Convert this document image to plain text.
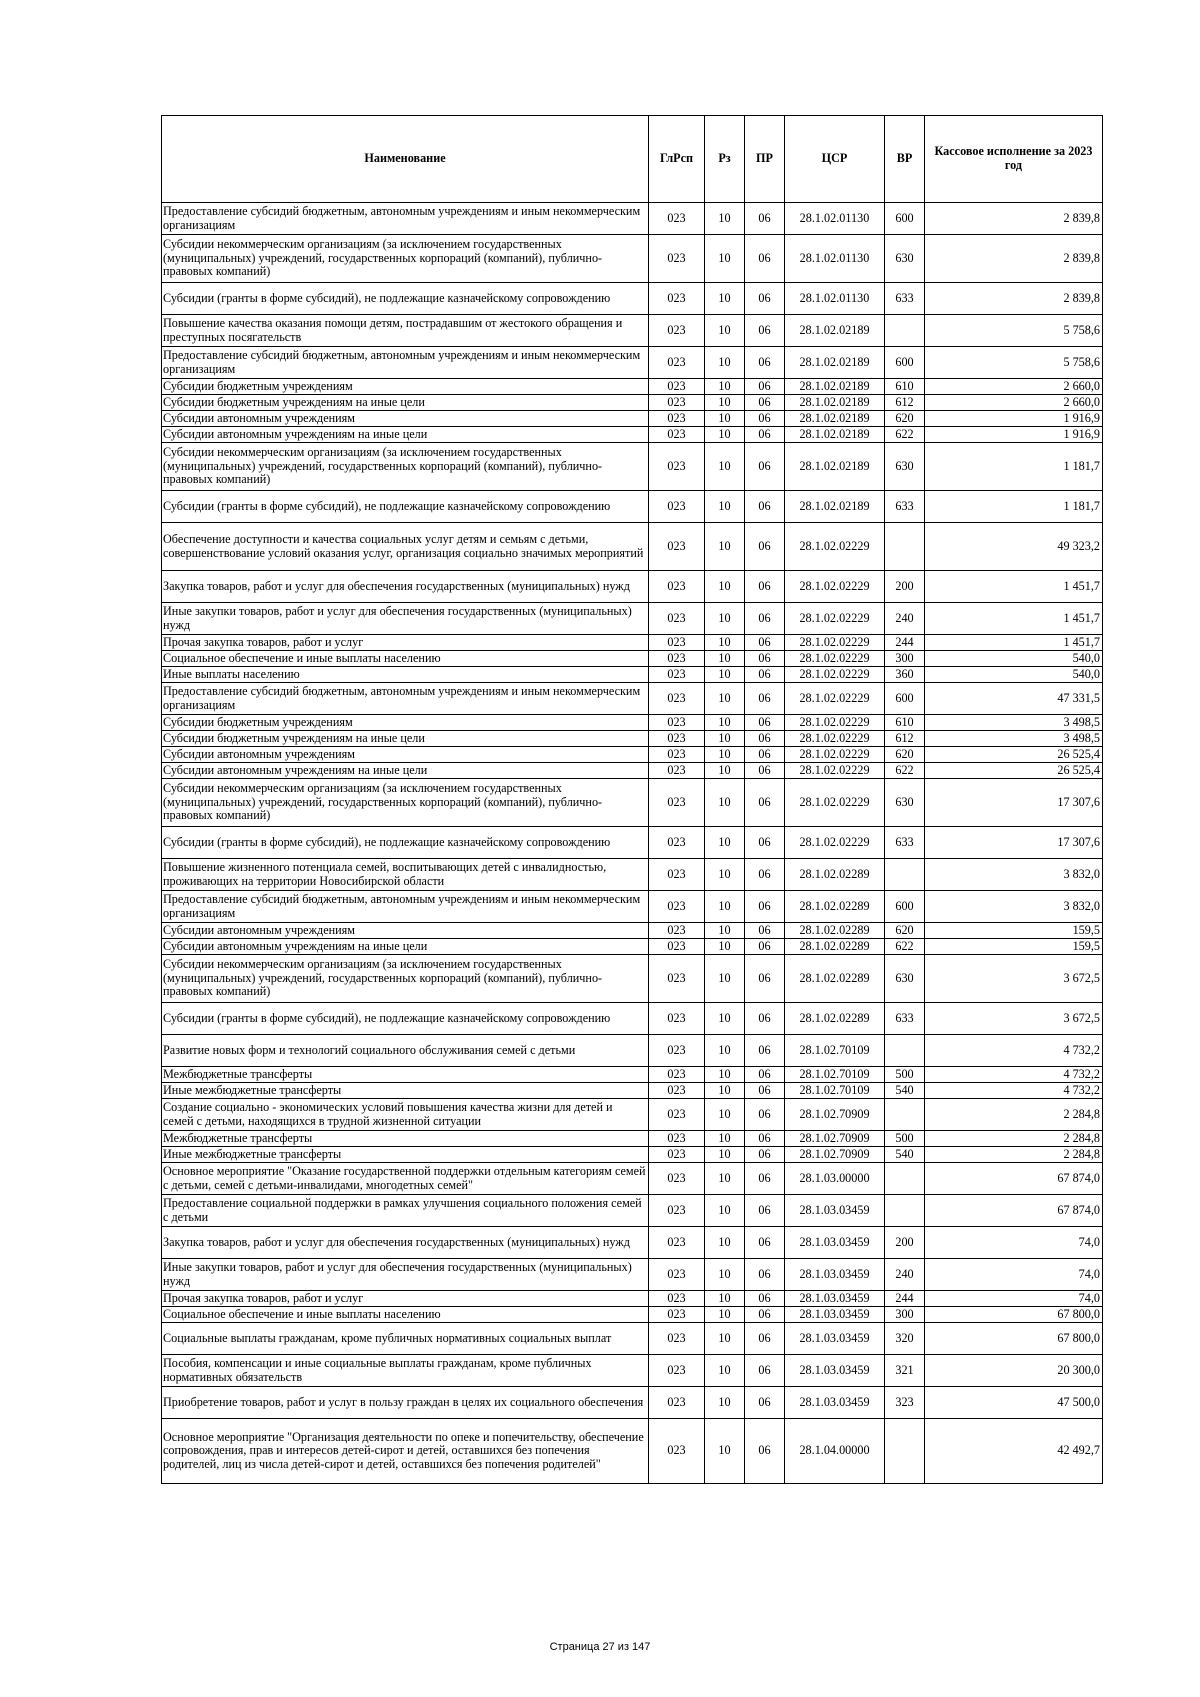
Наименование	ГлРсп	Рз	ПР	ЦСР	ВР	Кассовое исполнение за 2023 год
Предоставление субсидий бюджетным, автономным учреждениям и иным некоммерческим организациям	023	10	06	28.1.02.01130	600	2 839,8
Субсидии некоммерческим организациям (за исключением государственных (муниципальных) учреждений, государственных корпораций (компаний), публично-правовых компаний)	023	10	06	28.1.02.01130	630	2 839,8
Субсидии (гранты в форме субсидий), не подлежащие казначейскому сопровождению	023	10	06	28.1.02.01130	633	2 839,8
Повышение качества оказания помощи детям, пострадавшим от жестокого обращения и преступных посягательств	023	10	06	28.1.02.02189		5 758,6
Предоставление субсидий бюджетным, автономным учреждениям и иным некоммерческим организациям	023	10	06	28.1.02.02189	600	5 758,6
Субсидии бюджетным учреждениям	023	10	06	28.1.02.02189	610	2 660,0
Субсидии бюджетным учреждениям на иные цели	023	10	06	28.1.02.02189	612	2 660,0
Субсидии автономным учреждениям	023	10	06	28.1.02.02189	620	1 916,9
Субсидии автономным учреждениям на иные цели	023	10	06	28.1.02.02189	622	1 916,9
Субсидии некоммерческим организациям (за исключением государственных (муниципальных) учреждений, государственных корпораций (компаний), публично-правовых компаний)	023	10	06	28.1.02.02189	630	1 181,7
Субсидии (гранты в форме субсидий), не подлежащие казначейскому сопровождению	023	10	06	28.1.02.02189	633	1 181,7
Обеспечение доступности и качества социальных услуг детям и семьям с детьми, совершенствование условий оказания услуг, организация социально значимых мероприятий	023	10	06	28.1.02.02229		49 323,2
Закупка товаров, работ и услуг для обеспечения государственных (муниципальных) нужд	023	10	06	28.1.02.02229	200	1 451,7
Иные закупки товаров, работ и услуг для обеспечения государственных (муниципальных) нужд	023	10	06	28.1.02.02229	240	1 451,7
Прочая закупка товаров, работ и услуг	023	10	06	28.1.02.02229	244	1 451,7
Социальное обеспечение и иные выплаты населению	023	10	06	28.1.02.02229	300	540,0
Иные выплаты населению	023	10	06	28.1.02.02229	360	540,0
Предоставление субсидий бюджетным, автономным учреждениям и иным некоммерческим организациям	023	10	06	28.1.02.02229	600	47 331,5
Субсидии бюджетным учреждениям	023	10	06	28.1.02.02229	610	3 498,5
Субсидии бюджетным учреждениям на иные цели	023	10	06	28.1.02.02229	612	3 498,5
Субсидии автономным учреждениям	023	10	06	28.1.02.02229	620	26 525,4
Субсидии автономным учреждениям на иные цели	023	10	06	28.1.02.02229	622	26 525,4
Субсидии некоммерческим организациям (за исключением государственных (муниципальных) учреждений, государственных корпораций (компаний), публично-правовых компаний)	023	10	06	28.1.02.02229	630	17 307,6
Субсидии (гранты в форме субсидий), не подлежащие казначейскому сопровождению	023	10	06	28.1.02.02229	633	17 307,6
Повышение жизненного потенциала семей, воспитывающих детей с инвалидностью, проживающих на территории Новосибирской области	023	10	06	28.1.02.02289		3 832,0
Предоставление субсидий бюджетным, автономным учреждениям и иным некоммерческим организациям	023	10	06	28.1.02.02289	600	3 832,0
Субсидии автономным учреждениям	023	10	06	28.1.02.02289	620	159,5
Субсидии автономным учреждениям на иные цели	023	10	06	28.1.02.02289	622	159,5
Субсидии некоммерческим организациям (за исключением государственных (муниципальных) учреждений, государственных корпораций (компаний), публично-правовых компаний)	023	10	06	28.1.02.02289	630	3 672,5
Субсидии (гранты в форме субсидий), не подлежащие казначейскому сопровождению	023	10	06	28.1.02.02289	633	3 672,5
Развитие новых форм и технологий социального обслуживания семей с детьми	023	10	06	28.1.02.70109		4 732,2
Межбюджетные трансферты	023	10	06	28.1.02.70109	500	4 732,2
Иные межбюджетные трансферты	023	10	06	28.1.02.70109	540	4 732,2
Создание социально - экономических условий повышения качества жизни для детей и семей с детьми, находящихся в трудной жизненной ситуации	023	10	06	28.1.02.70909		2 284,8
Межбюджетные трансферты	023	10	06	28.1.02.70909	500	2 284,8
Иные межбюджетные трансферты	023	10	06	28.1.02.70909	540	2 284,8
Основное мероприятие "Оказание государственной поддержки отдельным категориям семей с детьми, семей с детьми-инвалидами, многодетных семей"	023	10	06	28.1.03.00000		67 874,0
Предоставление социальной поддержки в рамках улучшения социального положения семей с детьми	023	10	06	28.1.03.03459		67 874,0
Закупка товаров, работ и услуг для обеспечения государственных (муниципальных) нужд	023	10	06	28.1.03.03459	200	74,0
Иные закупки товаров, работ и услуг для обеспечения государственных (муниципальных) нужд	023	10	06	28.1.03.03459	240	74,0
Прочая закупка товаров, работ и услуг	023	10	06	28.1.03.03459	244	74,0
Социальное обеспечение и иные выплаты населению	023	10	06	28.1.03.03459	300	67 800,0
Социальные выплаты гражданам, кроме публичных нормативных социальных выплат	023	10	06	28.1.03.03459	320	67 800,0
Пособия, компенсации и иные социальные выплаты гражданам, кроме публичных нормативных обязательств	023	10	06	28.1.03.03459	321	20 300,0
Приобретение товаров, работ и услуг в пользу граждан в целях их социального обеспечения	023	10	06	28.1.03.03459	323	47 500,0
Основное мероприятие "Организация деятельности по опеке и попечительству, обеспечение сопровождения, прав и интересов детей-сирот и детей, оставшихся без попечения родителей, лиц из числа детей-сирот и детей, оставшихся без попечения родителей"	023	10	06	28.1.04.00000		42 492,7
Страница 27 из 147
